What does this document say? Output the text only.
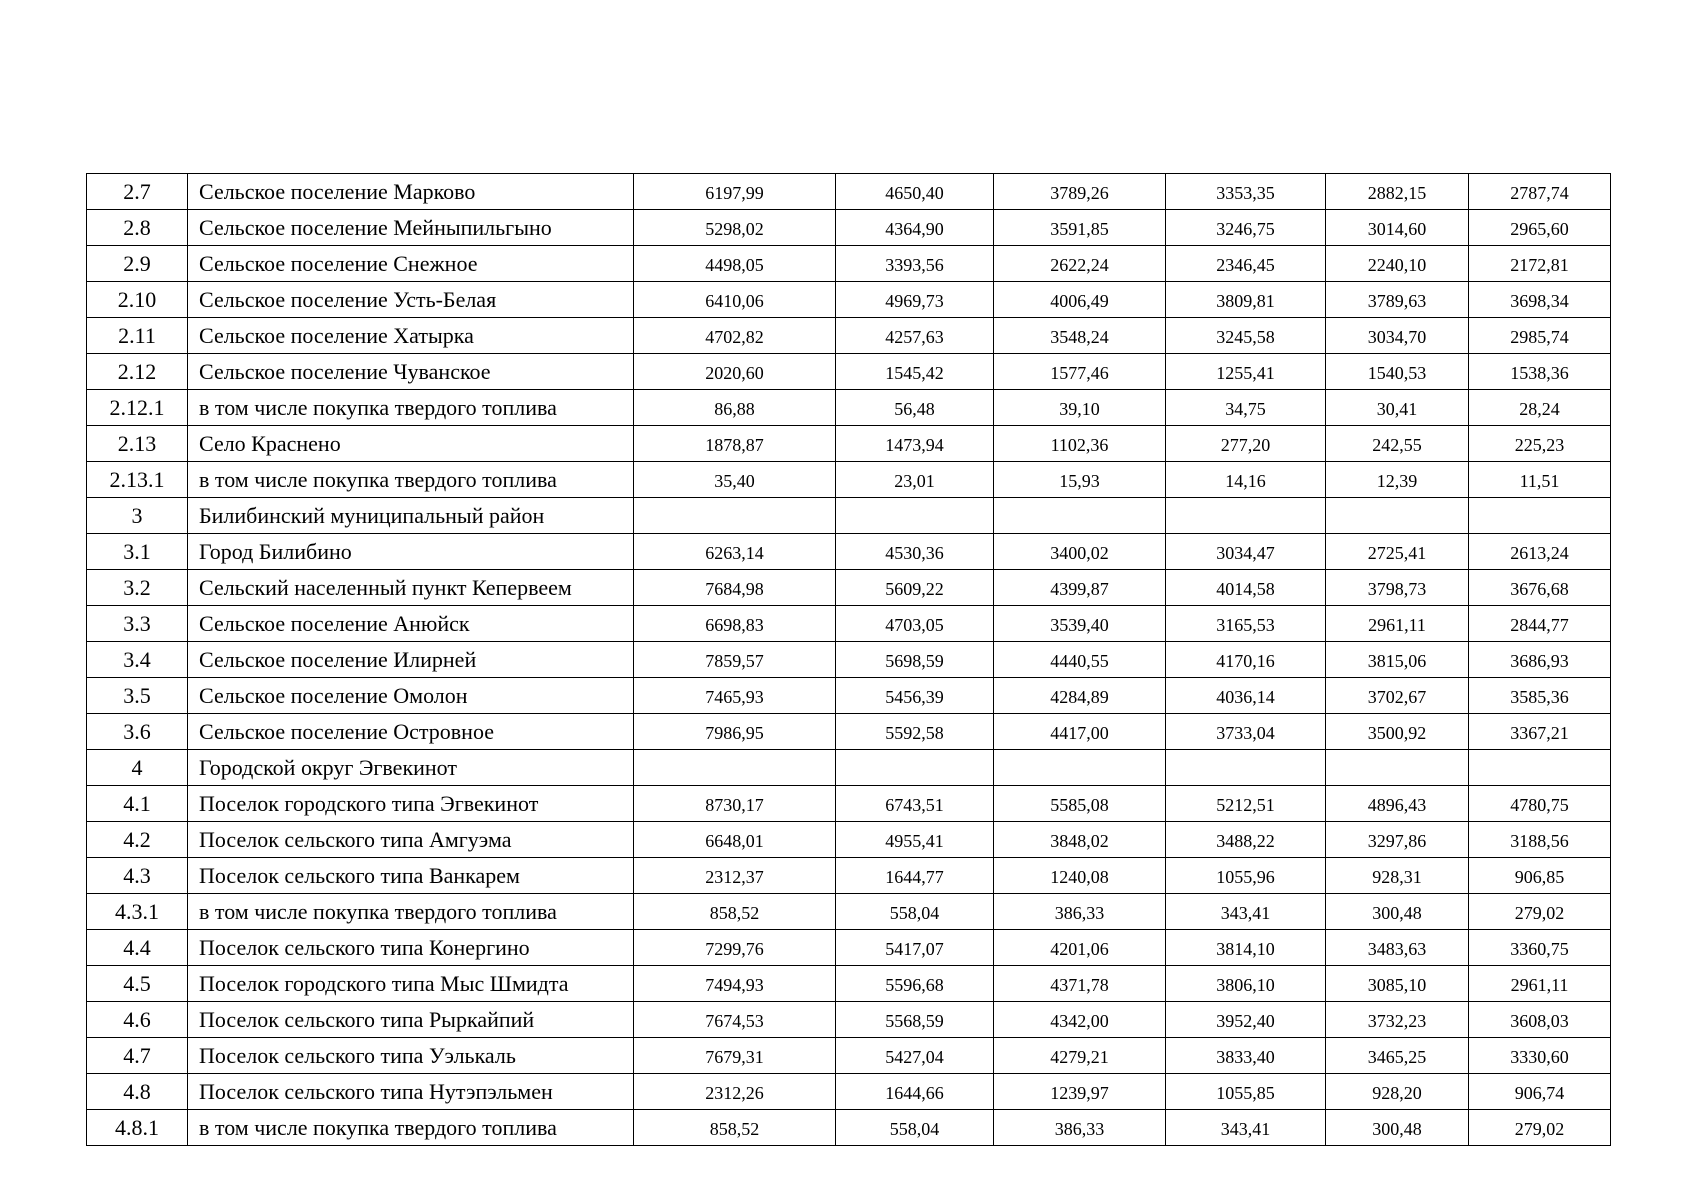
2.7	Сельское поселение Марково	6197,99	4650,40	3789,26	3353,35	2882,15	2787,74
2.8	Сельское поселение Мейныпильгыно	5298,02	4364,90	3591,85	3246,75	3014,60	2965,60
2.9	Сельское поселение Снежное	4498,05	3393,56	2622,24	2346,45	2240,10	2172,81
2.10	Сельское поселение Усть-Белая	6410,06	4969,73	4006,49	3809,81	3789,63	3698,34
2.11	Сельское поселение Хатырка	4702,82	4257,63	3548,24	3245,58	3034,70	2985,74
2.12	Сельское поселение Чуванское	2020,60	1545,42	1577,46	1255,41	1540,53	1538,36
2.12.1	в том числе покупка твердого топлива	86,88	56,48	39,10	34,75	30,41	28,24
2.13	Село Краснено	1878,87	1473,94	1102,36	277,20	242,55	225,23
2.13.1	в том числе покупка твердого топлива	35,40	23,01	15,93	14,16	12,39	11,51
3	Билибинский муниципальный район						
3.1	Город Билибино	6263,14	4530,36	3400,02	3034,47	2725,41	2613,24
3.2	Сельский населенный пункт Кепервеем	7684,98	5609,22	4399,87	4014,58	3798,73	3676,68
3.3	Сельское поселение Анюйск	6698,83	4703,05	3539,40	3165,53	2961,11	2844,77
3.4	Сельское поселение Илирней	7859,57	5698,59	4440,55	4170,16	3815,06	3686,93
3.5	Сельское поселение Омолон	7465,93	5456,39	4284,89	4036,14	3702,67	3585,36
3.6	Сельское поселение Островное	7986,95	5592,58	4417,00	3733,04	3500,92	3367,21
4	Городской округ Эгвекинот						
4.1	Поселок городского типа Эгвекинот	8730,17	6743,51	5585,08	5212,51	4896,43	4780,75
4.2	Поселок сельского типа Амгуэма	6648,01	4955,41	3848,02	3488,22	3297,86	3188,56
4.3	Поселок сельского типа Ванкарем	2312,37	1644,77	1240,08	1055,96	928,31	906,85
4.3.1	в том числе покупка твердого топлива	858,52	558,04	386,33	343,41	300,48	279,02
4.4	Поселок сельского типа Конергино	7299,76	5417,07	4201,06	3814,10	3483,63	3360,75
4.5	Поселок городского типа Мыс Шмидта	7494,93	5596,68	4371,78	3806,10	3085,10	2961,11
4.6	Поселок сельского типа Рыркайпий	7674,53	5568,59	4342,00	3952,40	3732,23	3608,03
4.7	Поселок сельского типа Уэлькаль	7679,31	5427,04	4279,21	3833,40	3465,25	3330,60
4.8	Поселок сельского типа Нутэпэльмен	2312,26	1644,66	1239,97	1055,85	928,20	906,74
4.8.1	в том числе покупка твердого топлива	858,52	558,04	386,33	343,41	300,48	279,02
